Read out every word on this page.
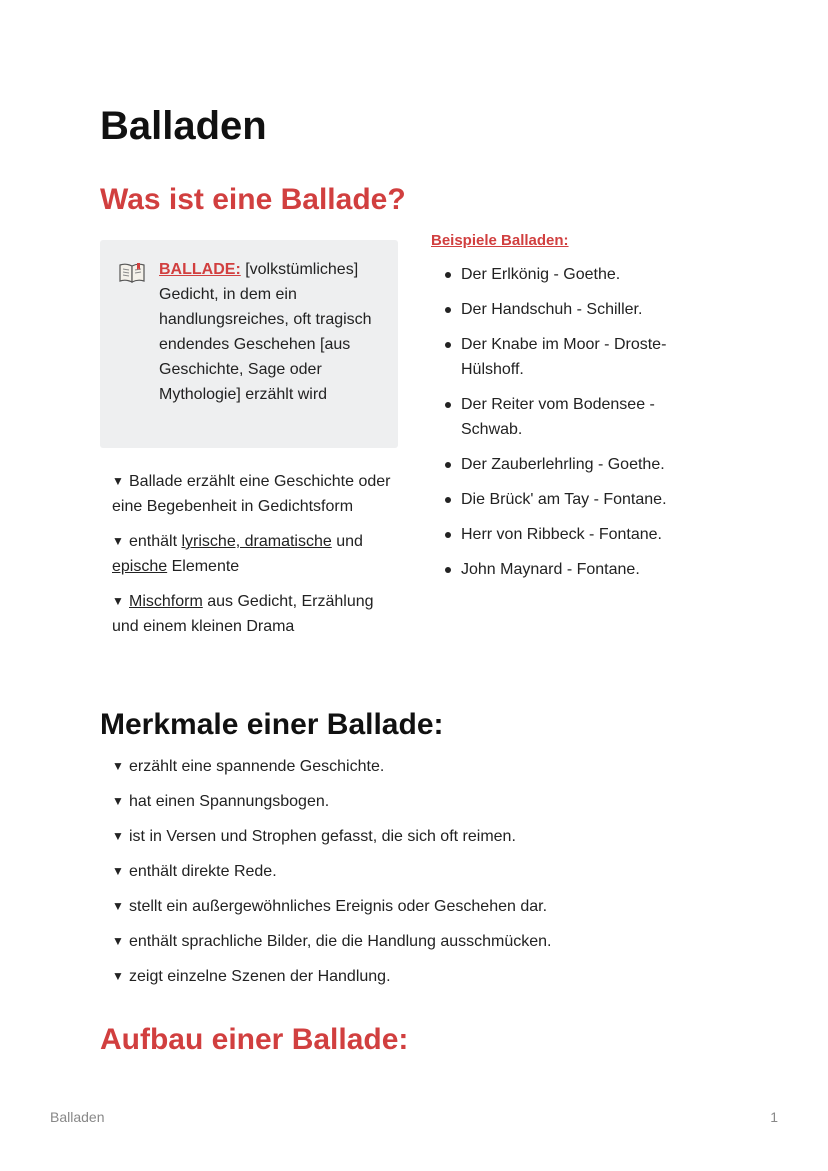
Balladen
Was ist eine Ballade?
BALLADE: [volkstümliches] Gedicht, in dem ein handlungsreiches, oft tragisch endendes Geschehen [aus Geschichte, Sage oder Mythologie] erzählt wird
▼ Ballade erzählt eine Geschichte oder eine Begebenheit in Gedichtsform
▼ enthält lyrische, dramatische und epische Elemente
▼ Mischform aus Gedicht, Erzählung und einem kleinen Drama
Beispiele Balladen:
Der Erlkönig - Goethe.
Der Handschuh - Schiller.
Der Knabe im Moor - Droste-Hülshoff.
Der Reiter vom Bodensee - Schwab.
Der Zauberlehrling - Goethe.
Die Brück' am Tay - Fontane.
Herr von Ribbeck - Fontane.
John Maynard - Fontane.
Merkmale einer Ballade:
▼ erzählt eine spannende Geschichte.
▼ hat einen Spannungsbogen.
▼ ist in Versen und Strophen gefasst, die sich oft reimen.
▼ enthält direkte Rede.
▼ stellt ein außergewöhnliches Ereignis oder Geschehen dar.
▼ enthält sprachliche Bilder, die die Handlung ausschmücken.
▼ zeigt einzelne Szenen der Handlung.
Aufbau einer Ballade:
Balladen	1
